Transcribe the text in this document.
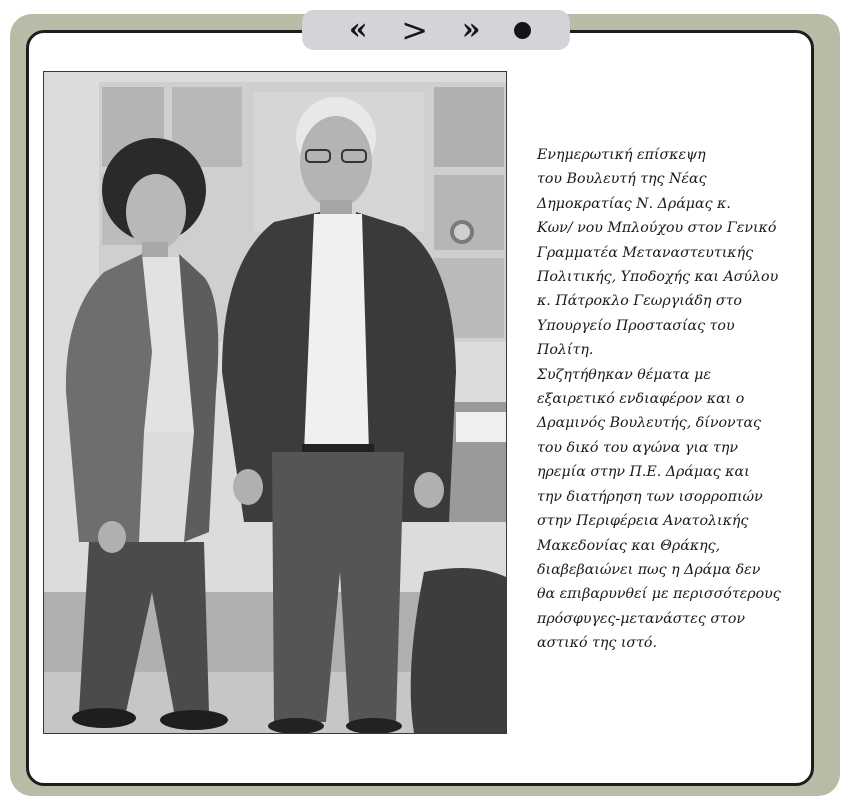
« > »
Ενημερωτική επίσκεψη
του Βουλευτή της Νέας
Δημοκρατίας Ν. Δράμας κ.
Κων/ νου Μπλούχου στον Γενικό
Γραμματέα Μεταναστευτικής
Πολιτικής, Υποδοχής και Ασύλου
κ. Πάτροκλο Γεωργιάδη στο
Υπουργείο Προστασίας του
Πολίτη.
Συζητήθηκαν θέματα με
εξαιρετικό ενδιαφέρον και ο
Δραμινός Βουλευτής, δίνοντας
του δικό του αγώνα για την
ηρεμία στην Π.Ε. Δράμας και
την διατήρηση των ισορροπιών
στην Περιφέρεια Ανατολικής
Μακεδονίας και Θράκης,
διαβεβαιώνει πως η Δράμα δεν
θα επιβαρυνθεί με περισσότερους
πρόσφυγες-μετανάστες στον
αστικό της ιστό.
